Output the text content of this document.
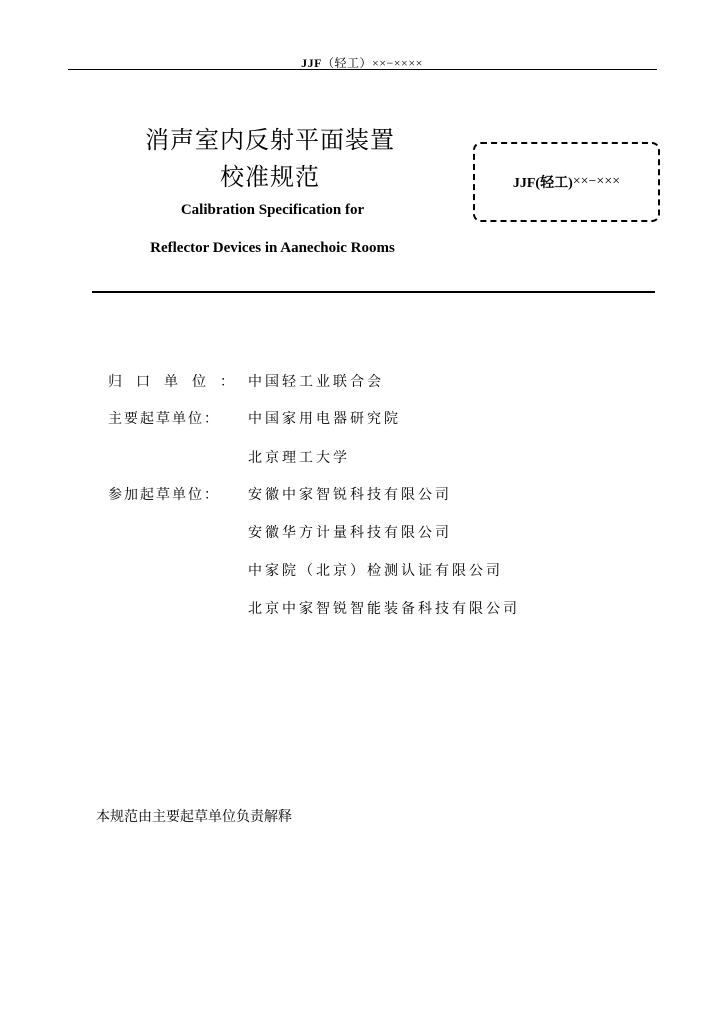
JJF（轻工）××−××××
消声室内反射平面装置
校准规范
Calibration Specification for
Reflector Devices in Aanechoic Rooms
JJF(轻工) ××−×××
归口单位： 中国轻工业联合会
主要起草单位：	中国家用电器研究院
北京理工大学
参加起草单位：	安徽中家智锐科技有限公司
安徽华方计量科技有限公司
中家院（北京）检测认证有限公司
北京中家智锐智能装备科技有限公司
本规范由主要起草单位负责解释
